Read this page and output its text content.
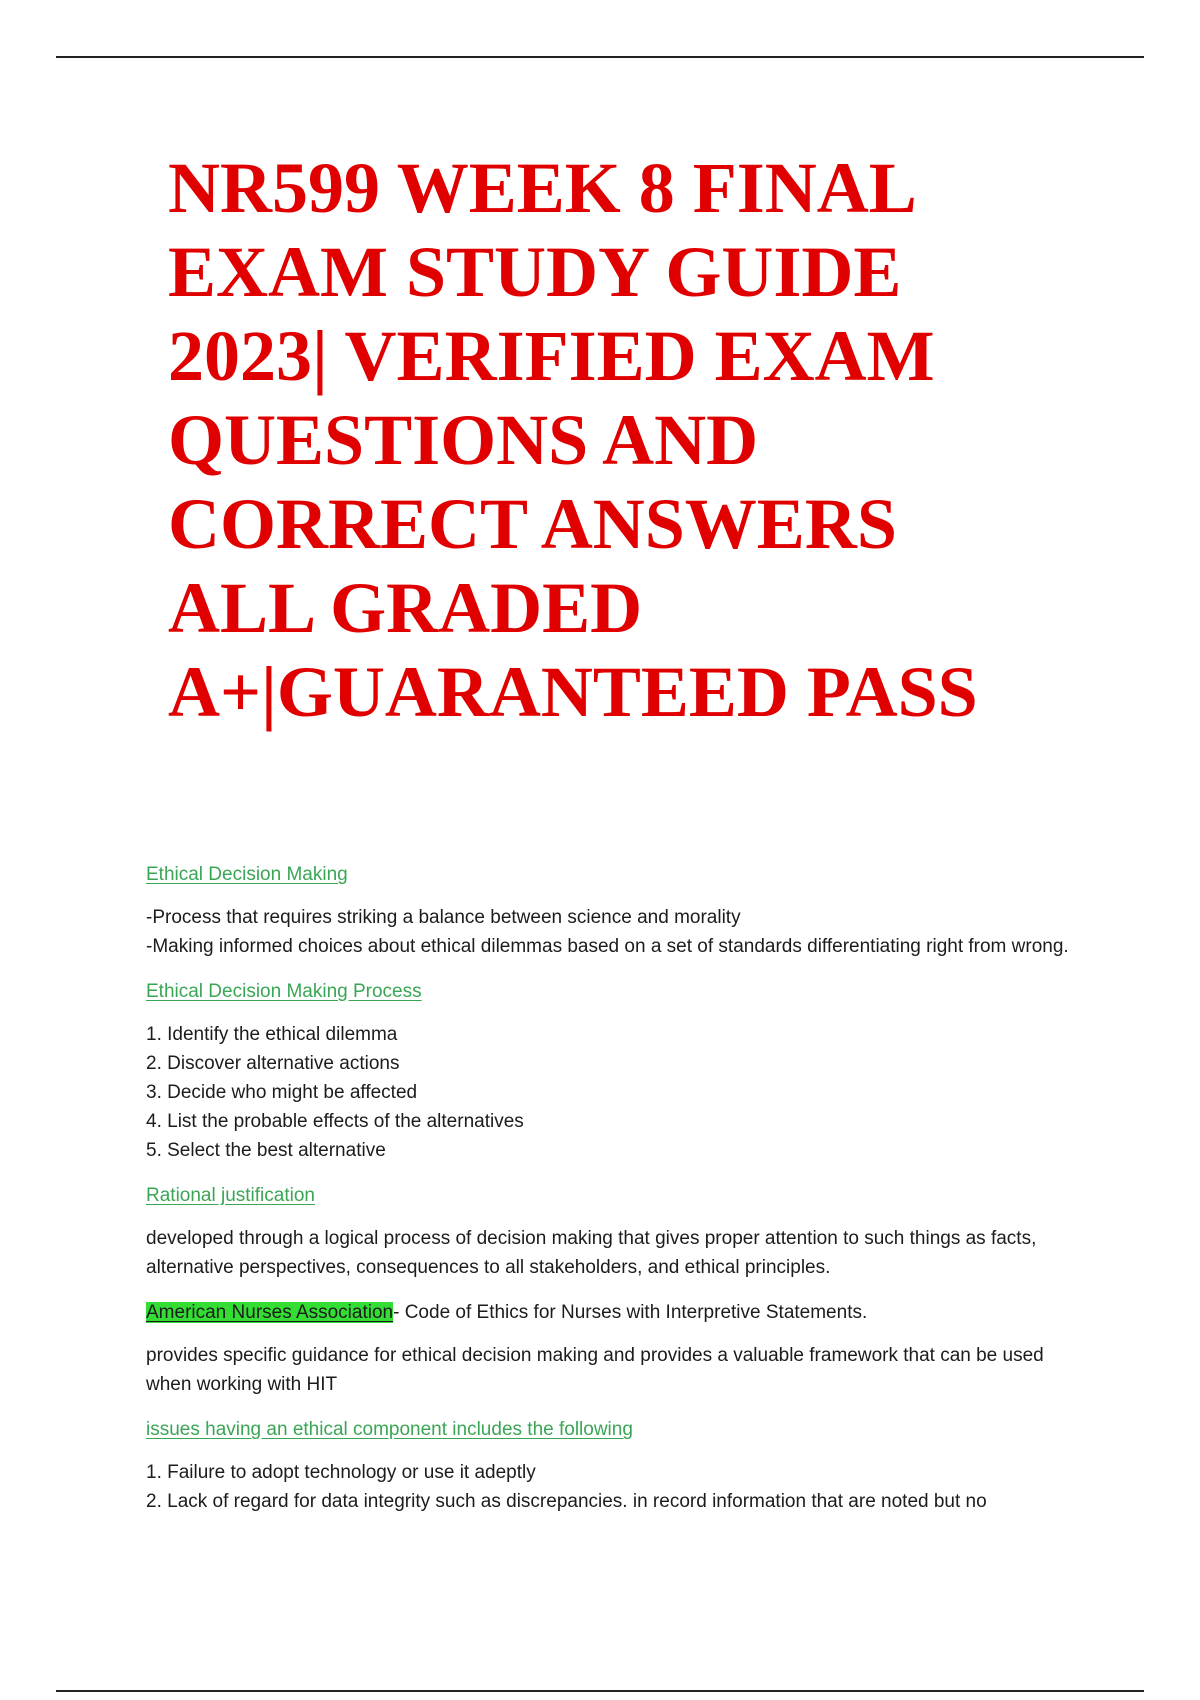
NR599 WEEK 8 FINAL
EXAM STUDY GUIDE
2023| VERIFIED EXAM
QUESTIONS AND
CORRECT ANSWERS
ALL GRADED
A+|GUARANTEED PASS
Ethical Decision Making

-Process that requires striking a balance between science and morality
-Making informed choices about ethical dilemmas based on a set of standards differentiating right from wrong.

Ethical Decision Making Process

1. Identify the ethical dilemma
2. Discover alternative actions
3. Decide who might be affected
4. List the probable effects of the alternatives
5. Select the best alternative

Rational justification

developed through a logical process of decision making that gives proper attention to such things as facts, alternative perspectives, consequences to all stakeholders, and ethical principles.

American Nurses Association- Code of Ethics for Nurses with Interpretive Statements.

provides specific guidance for ethical decision making and provides a valuable framework that can be used when working with HIT

issues having an ethical component includes the following

1. Failure to adopt technology or use it adeptly
2. Lack of regard for data integrity such as discrepancies. in record information that are noted but no
